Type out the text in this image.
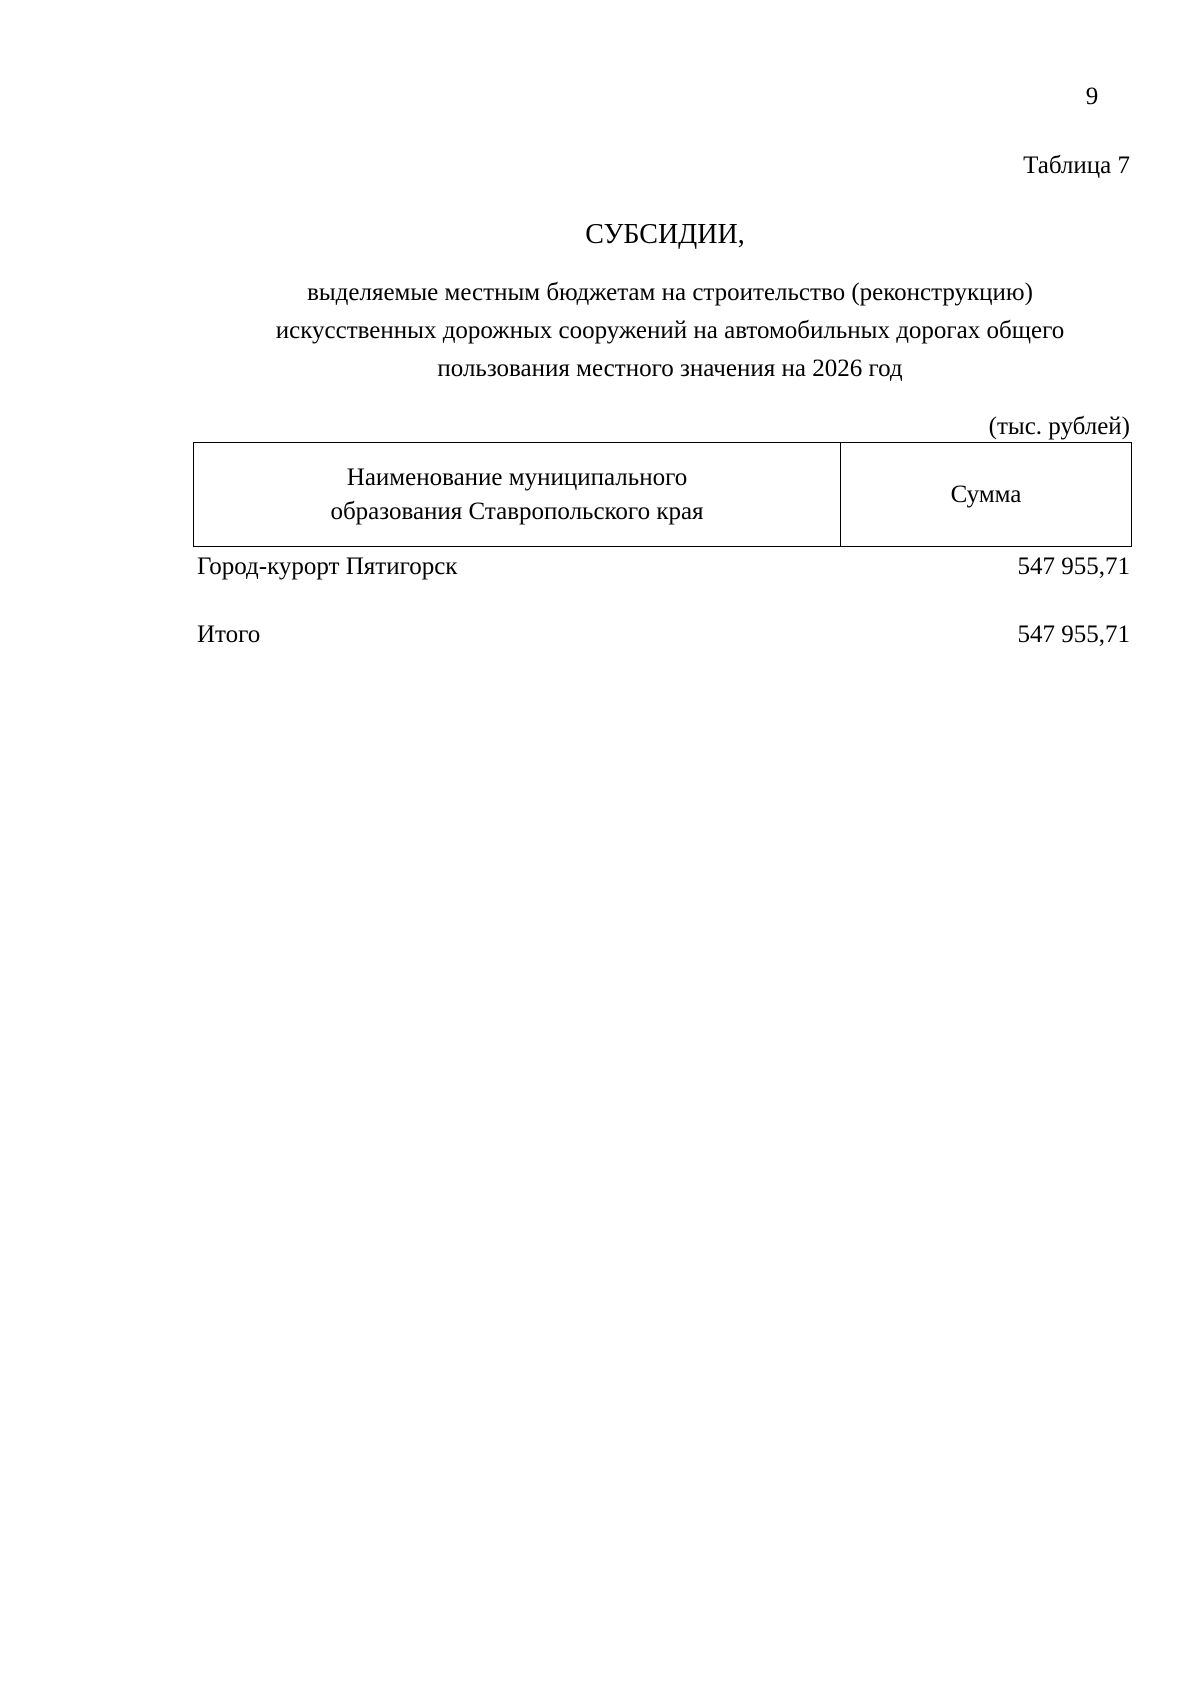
9
Таблица 7
СУБСИДИИ,
выделяемые местным бюджетам на строительство (реконструкцию)
искусственных дорожных сооружений на автомобильных дорогах общего
пользования местного значения на 2026 год
(тыс. рублей)
Наименование муниципального
образования Ставропольского края
Сумма
Город-курорт Пятигорск	547 955,71
Итого	547 955,71
